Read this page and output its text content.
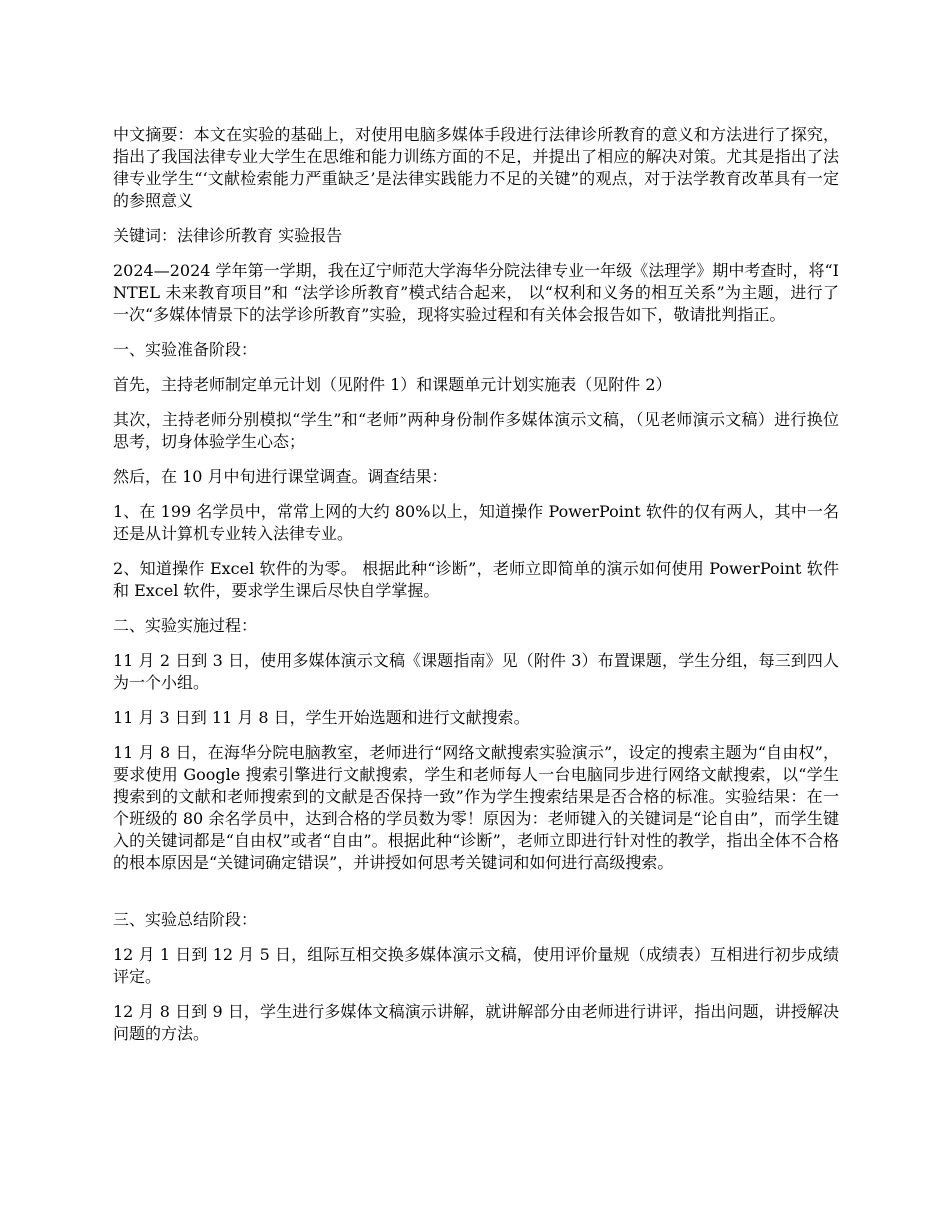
中文摘要：本文在实验的基础上，对使用电脑多媒体手段进行法律诊所教育的意义和方法进行了探究，指出了我国法律专业大学生在思维和能力训练方面的不足，并提出了相应的解决对策。尤其是指出了法律专业学生“‘文献检索能力严重缺乏’是法律实践能力不足的关键”的观点，对于法学教育改革具有一定的参照意义

关键词：法律诊所教育 实验报告

2024—2024 学年第一学期，我在辽宁师范大学海华分院法律专业一年级《法理学》期中考查时，将“INTEL 未来教育项目”和 “法学诊所教育”模式结合起来， 以“权利和义务的相互关系”为主题，进行了一次“多媒体情景下的法学诊所教育”实验，现将实验过程和有关体会报告如下，敬请批判指正。

一、实验准备阶段：

首先，主持老师制定单元计划（见附件 1）和课题单元计划实施表（见附件 2）

其次，主持老师分别模拟“学生”和“老师”两种身份制作多媒体演示文稿，（见老师演示文稿）进行换位思考，切身体验学生心态；

然后，在 10 月中旬进行课堂调查。调查结果：

1、在 199 名学员中，常常上网的大约 80%以上，知道操作 PowerPoint 软件的仅有两人，其中一名还是从计算机专业转入法律专业。

2、知道操作 Excel 软件的为零。 根据此种“诊断”，老师立即简单的演示如何使用 PowerPoint 软件和 Excel 软件，要求学生课后尽快自学掌握。

二、实验实施过程：

11 月 2 日到 3 日，使用多媒体演示文稿《课题指南》见（附件 3）布置课题，学生分组，每三到四人为一个小组。

11 月 3 日到 11 月 8 日，学生开始选题和进行文献搜索。

11 月 8 日，在海华分院电脑教室，老师进行“网络文献搜索实验演示”，设定的搜索主题为“自由权”，要求使用 Google 搜索引擎进行文献搜索，学生和老师每人一台电脑同步进行网络文献搜索，以“学生搜索到的文献和老师搜索到的文献是否保持一致”作为学生搜索结果是否合格的标准。实验结果：在一个班级的 80 余名学员中，达到合格的学员数为零！原因为：老师键入的关键词是“论自由”，而学生键入的关键词都是“自由权”或者“自由”。根据此种“诊断”，老师立即进行针对性的教学，指出全体不合格的根本原因是“关键词确定错误”，并讲授如何思考关键词和如何进行高级搜索。

三、实验总结阶段：

12 月 1 日到 12 月 5 日，组际互相交换多媒体演示文稿，使用评价量规（成绩表）互相进行初步成绩评定。

12 月 8 日到 9 日，学生进行多媒体文稿演示讲解，就讲解部分由老师进行讲评，指出问题，讲授解决问题的方法。
